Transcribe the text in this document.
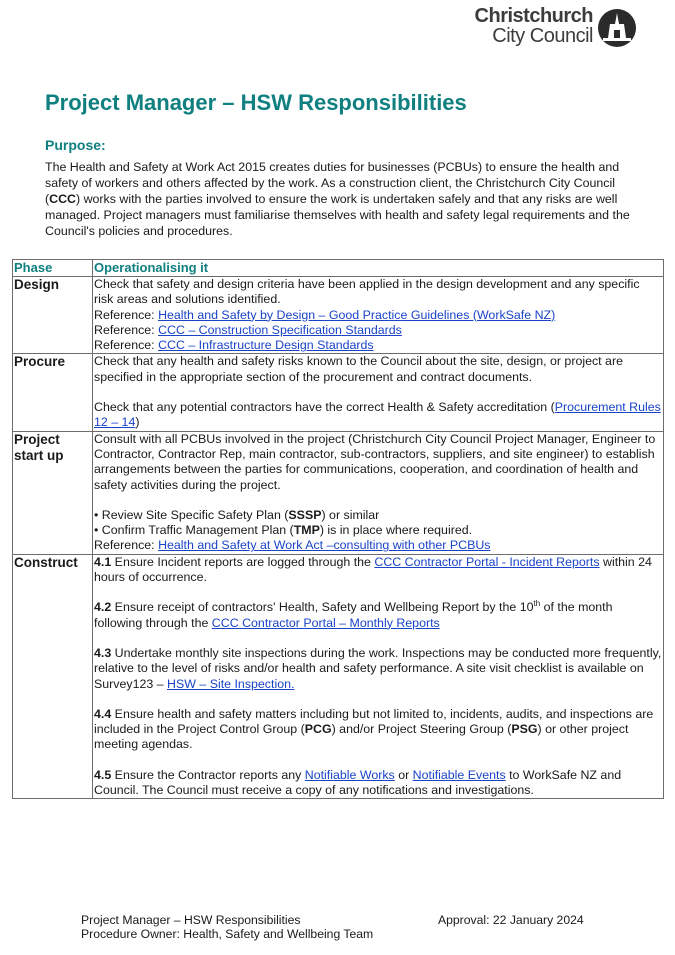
Christchurch
City Council
Project Manager – HSW Responsibilities
Purpose:

The Health and Safety at Work Act 2015 creates duties for businesses (PCBUs) to ensure the health and safety of workers and others affected by the work. As a construction client, the Christchurch City Council (CCC) works with the parties involved to ensure the work is undertaken safely and that any risks are well managed. Project managers must familiarise themselves with health and safety legal requirements and the Council's policies and procedures.

Phase	Operationalising it
Design	Check that safety and design criteria have been applied in the design development and any specific risk areas and solutions identified.
Reference: Health and Safety by Design – Good Practice Guidelines (WorkSafe NZ)
Reference: CCC – Construction Specification Standards
Reference: CCC – Infrastructure Design Standards
Procure	Check that any health and safety risks known to the Council about the site, design, or project are specified in the appropriate section of the procurement and contract documents.
Check that any potential contractors have the correct Health & Safety accreditation (Procurement Rules 12 – 14)
Project
start up	Consult with all PCBUs involved in the project (Christchurch City Council Project Manager, Engineer to Contractor, Contractor Rep, main contractor, sub-contractors, suppliers, and site engineer) to establish arrangements between the parties for communications, cooperation, and coordination of health and safety activities during the project.
• Review Site Specific Safety Plan (SSSP) or similar
• Confirm Traffic Management Plan (TMP) is in place where required.
Reference: Health and Safety at Work Act –consulting with other PCBUs
Construct	4.1 Ensure Incident reports are logged through the CCC Contractor Portal - Incident Reports within 24 hours of occurrence.
4.2 Ensure receipt of contractors' Health, Safety and Wellbeing Report by the 10th of the month following through the CCC Contractor Portal – Monthly Reports
4.3 Undertake monthly site inspections during the work. Inspections may be conducted more frequently, relative to the level of risks and/or health and safety performance. A site visit checklist is available on Survey123 – HSW – Site Inspection.
4.4 Ensure health and safety matters including but not limited to, incidents, audits, and inspections are included in the Project Control Group (PCG) and/or Project Steering Group (PSG) or other project meeting agendas.
4.5 Ensure the Contractor reports any Notifiable Works or Notifiable Events to WorkSafe NZ and Council. The Council must receive a copy of any notifications and investigations.
Project Manager – HSW Responsibilities
Procedure Owner: Health, Safety and Wellbeing Team
Approval: 22 January 2024
